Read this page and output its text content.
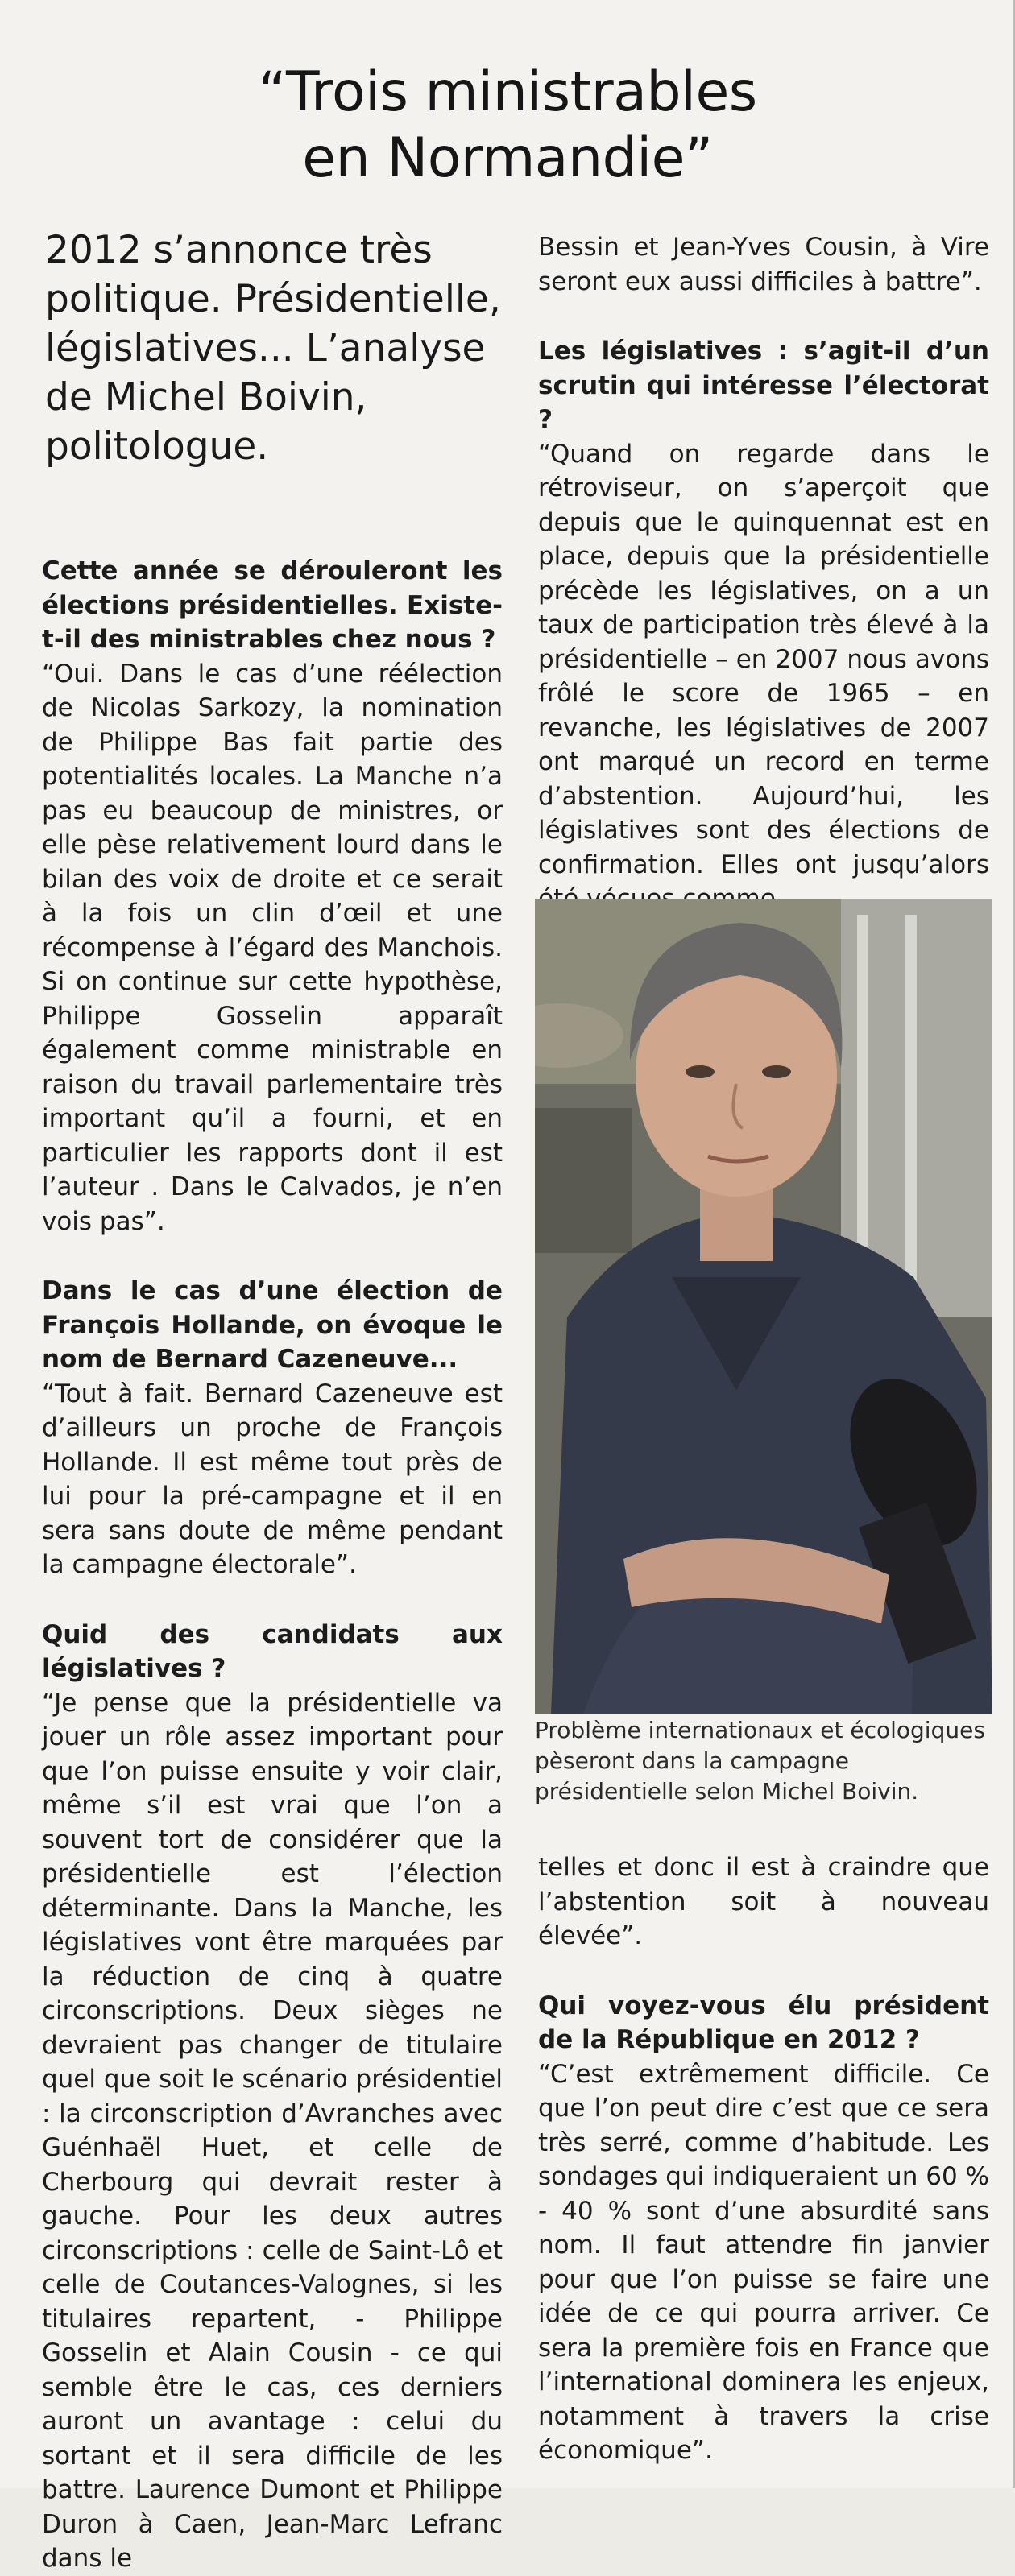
“Trois ministrables
en Normandie”
2012 s’annonce très politique. Présidentielle, législatives... L’analyse de Michel Boivin, politologue.

Cette année se dérouleront les élections présidentielles. Existe-t-il des ministrables chez nous ?

“Oui. Dans le cas d’une réélection de Nicolas Sarkozy, la nomination de Philippe Bas fait partie des potentialités locales. La Manche n’a pas eu beaucoup de ministres, or elle pèse relativement lourd dans le bilan des voix de droite et ce serait à la fois un clin d’œil et une récompense à l’égard des Manchois. Si on continue sur cette hypothèse, Philippe Gosselin apparaît également comme ministrable en raison du travail parlementaire très important qu’il a fourni, et en particulier les rapports dont il est l’auteur . Dans le Calvados, je n’en vois pas”.

Dans le cas d’une élection de François Hollande, on évoque le nom de Bernard Cazeneuve...

“Tout à fait. Bernard Cazeneuve est d’ailleurs un proche de François Hollande. Il est même tout près de lui pour la pré-campagne et il en sera sans doute de même pendant la campagne électorale”.

Quid des candidats aux législatives ?

“Je pense que la présidentielle va jouer un rôle assez important pour que l’on puisse ensuite y voir clair, même s’il est vrai que l’on a souvent tort de considérer que la présidentielle est l’élection déterminante. Dans la Manche, les législatives vont être marquées par la réduction de cinq à quatre circonscriptions. Deux sièges ne devraient pas changer de titulaire quel que soit le scénario présidentiel : la circonscription d’Avranches avec Guénhaël Huet, et celle de Cherbourg qui devrait rester à gauche. Pour les deux autres circonscriptions : celle de Saint-Lô et celle de Coutances-Valognes, si les titulaires repartent, - Philippe Gosselin et Alain Cousin - ce qui semble être le cas, ces derniers auront un avantage : celui du sortant et il sera difficile de les battre. Laurence Dumont et Philippe Duron à Caen, Jean-Marc Lefranc dans le

Bessin et Jean-Yves Cousin, à Vire seront eux aussi difficiles à battre”.

Les législatives : s’agit-il d’un scrutin qui intéresse l’électorat ?

“Quand on regarde dans le rétroviseur, on s’aperçoit que depuis que le quinquennat est en place, depuis que la présidentielle précède les législatives, on a un taux de participation très élevé à la présidentielle – en 2007 nous avons frôlé le score de 1965 – en revanche, les législatives de 2007 ont marqué un record en terme d’abstention. Aujourd’hui, les législatives sont des élections de confirmation. Elles ont jusqu’alors

Problème internationaux et écologiques pèseront dans la campagne présidentielle selon Michel Boivin.

telles et donc il est à craindre que l’abstention soit à nouveau élevée”.

Qui voyez-vous élu président de la République en 2012 ?

“C’est extrêmement difficile. Ce que l’on peut dire c’est que ce sera très serré, comme d’habitude. Les sondages qui indiqueraient un 60 % - 40 % sont d’une absurdité sans nom. Il faut attendre fin janvier pour que l’on puisse se faire une idée de ce qui pourra arriver. Ce sera la première fois en France que l’international dominera les enjeux, notamment à travers la crise économique”.
